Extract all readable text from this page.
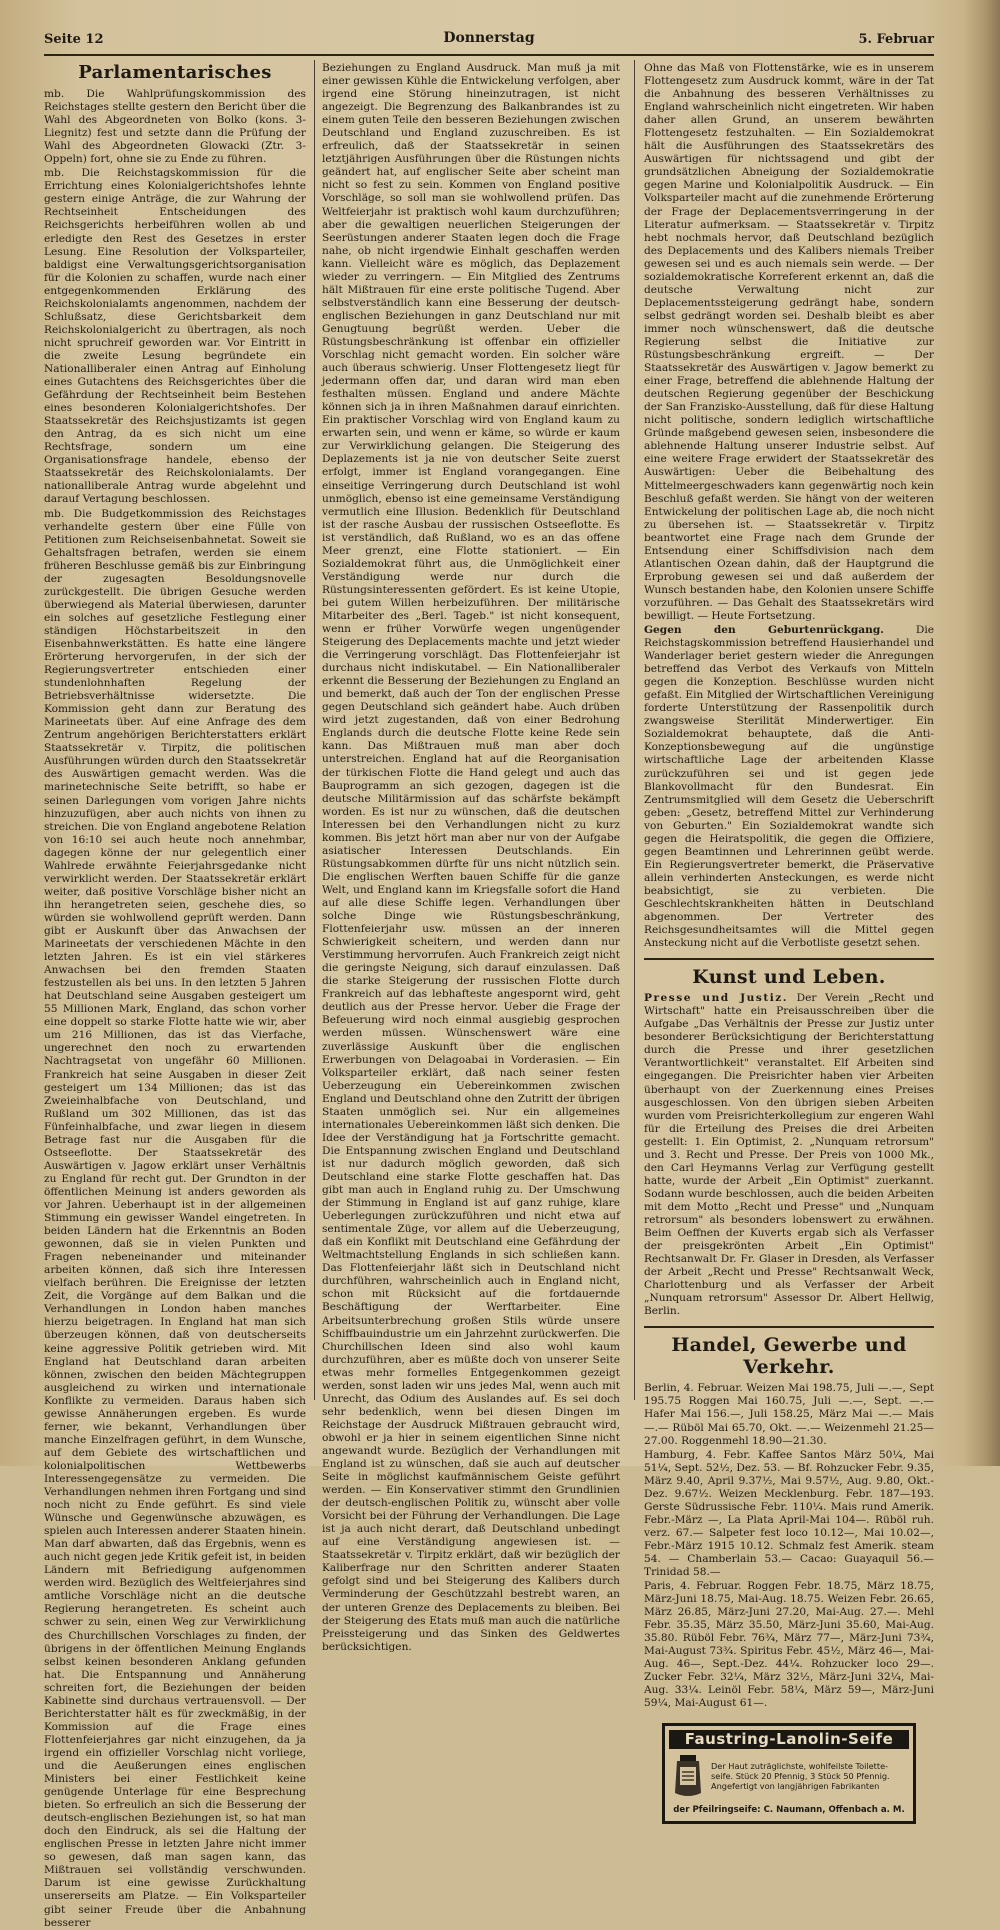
Seite 12	Donnerstag	5. Februar
Parlamentarisches

mb. Die Wahlprüfungskommission des Reichstages stellte gestern den Bericht über die Wahl des Abgeordneten von Bolko (kons. 3-Liegnitz) fest und setzte dann die Prüfung der Wahl des Abgeordneten Glowacki (Ztr. 3-Oppeln) fort, ohne sie zu Ende zu führen.

mb. Die Reichstagskommission für die Errichtung eines Kolonialgerichtshofes lehnte gestern einige Anträge, die zur Wahrung der Rechtseinheit Entscheidungen des Reichsgerichts herbeiführen wollen ab und erledigte den Rest des Gesetzes in erster Lesung. Eine Resolution der Volksparteiler, baldigst eine Verwaltungsgerichtsorganisation für die Kolonien zu schaffen, wurde nach einer entgegenkommenden Erklärung des Reichskolonialamts angenommen, nachdem der Schlußsatz, diese Gerichtsbarkeit dem Reichskolonialgericht zu übertragen, als noch nicht spruchreif geworden war. Vor Eintritt in die zweite Lesung begründete ein Nationalliberaler einen Antrag auf Einholung eines Gutachtens des Reichsgerichtes über die Gefährdung der Rechtseinheit beim Bestehen eines besonderen Kolonialgerichtshofes. Der Staatssekretär des Reichsjustizamts ist gegen den Antrag, da es sich nicht um eine Rechtsfrage, sondern um eine Organisationsfrage handele, ebenso der Staatssekretär des Reichskolonialamts. Der nationalliberale Antrag wurde abgelehnt und darauf Vertagung beschlossen.

mb. Die Budgetkommission des Reichstages verhandelte gestern über eine Fülle von Petitionen zum Reichseisenbahnetat. Soweit sie Gehaltsfragen betrafen, werden sie einem früheren Beschlusse gemäß bis zur Einbringung der zugesagten Besoldungsnovelle zurückgestellt. Die übrigen Gesuche werden überwiegend als Material überwiesen, darunter ein solches auf gesetzliche Festlegung einer ständigen Höchstarbeitszeit in den Eisenbahnwerkstätten. Es hatte eine längere Erörterung hervorgerufen, in der sich der Regierungsvertreter entschieden einer stundenlohnhaften Regelung der Betriebsverhältnisse widersetzte. Die Kommission geht dann zur Beratung des Marineetats über. Auf eine Anfrage des dem Zentrum angehörigen Berichterstatters erklärt Staatssekretär v. Tirpitz, die politischen Ausführungen würden durch den Staatssekretär des Auswärtigen gemacht werden. Was die marinetechnische Seite betrifft, so habe er seinen Darlegungen vom vorigen Jahre nichts hinzuzufügen, aber auch nichts von ihnen zu streichen. Die von England angebotene Relation von 16:10 sei auch heute noch annehmbar, dagegen könne der nur gelegentlich einer Wahlrede erwähnte Feierjahrsgedanke nicht verwirklicht werden. Der Staatssekretär erklärt weiter, daß positive Vorschläge bisher nicht an ihn herangetreten seien, geschehe dies, so würden sie wohlwollend geprüft werden. Dann gibt er Auskunft über das Anwachsen der Marineetats der verschiedenen Mächte in den letzten Jahren. Es ist ein viel stärkeres Anwachsen bei den fremden Staaten festzustellen als bei uns. In den letzten 5 Jahren hat Deutschland seine Ausgaben gesteigert um 55 Millionen Mark, England, das schon vorher eine doppelt so starke Flotte hatte wie wir, aber um 216 Millionen, das ist das Vierfache, ungerechnet den noch zu erwartenden Nachtragsetat von ungefähr 60 Millionen. Frankreich hat seine Ausgaben in dieser Zeit gesteigert um 134 Millionen; das ist das Zweieinhalbfache von Deutschland, und Rußland um 302 Millionen, das ist das Fünfeinhalbfache, und zwar liegen in diesem Betrage fast nur die Ausgaben für die Ostseeflotte. Der Staatssekretär des Auswärtigen v. Jagow erklärt unser Verhältnis zu England für recht gut. Der Grundton in der öffentlichen Meinung ist anders geworden als vor Jahren. Ueberhaupt ist in der allgemeinen Stimmung ein gewisser Wandel eingetreten. In beiden Ländern hat die Erkenntnis an Boden gewonnen, daß sie in vielen Punkten und Fragen nebeneinander und miteinander arbeiten können, daß sich ihre Interessen vielfach berühren. Die Ereignisse der letzten Zeit, die Vorgänge auf dem Balkan und die Verhandlungen in London haben manches hierzu beigetragen. In England hat man sich überzeugen können, daß von deutscherseits keine aggressive Politik getrieben wird. Mit England hat Deutschland daran arbeiten können, zwischen den beiden Mächtegruppen ausgleichend zu wirken und internationale Konflikte zu vermeiden. Daraus haben sich gewisse Annäherungen ergeben. Es wurde ferner, wie bekannt, Verhandlungen über manche Einzelfragen geführt, in dem Wunsche, auf dem Gebiete des wirtschaftlichen und kolonialpolitischen Wettbewerbs Interessengegensätze zu vermeiden. Die Verhandlungen nehmen ihren Fortgang und sind noch nicht zu Ende geführt. Es sind viele Wünsche und Gegenwünsche abzuwägen, es spielen auch Interessen anderer Staaten hinein. Man darf abwarten, daß das Ergebnis, wenn es auch nicht gegen jede Kritik gefeit ist, in beiden Ländern mit Befriedigung aufgenommen werden wird. Bezüglich des Weltfeierjahres sind amtliche Vorschläge nicht an die deutsche Regierung herangetreten. Es scheint auch schwer zu sein, einen Weg zur Verwirklichung des Churchillschen Vorschlages zu finden, der übrigens in der öffentlichen Meinung Englands selbst keinen besonderen Anklang gefunden hat. Die Entspannung und Annäherung schreiten fort, die Beziehungen der beiden Kabinette sind durchaus vertrauensvoll. — Der Berichterstatter hält es für zweckmäßig, in der Kommission auf die Frage eines Flottenfeierjahres gar nicht einzugehen, da ja irgend ein offizieller Vorschlag nicht vorliege, und die Aeußerungen eines englischen Ministers bei einer Festlichkeit keine genügende Unterlage für eine Besprechung bieten. So erfreulich an sich die Besserung der deutsch-englischen Beziehungen ist, so hat man doch den Eindruck, als sei die Haltung der englischen Presse in letzten Jahre nicht immer so gewesen, daß man sagen kann, das Mißtrauen sei vollständig verschwunden. Darum ist eine gewisse Zurückhaltung unsererseits am Platze. — Ein Volksparteiler gibt seiner Freude über die Anbahnung besserer

Beziehungen zu England Ausdruck. Man muß ja mit einer gewissen Kühle die Entwickelung verfolgen, aber irgend eine Störung hineinzutragen, ist nicht angezeigt. Die Begrenzung des Balkanbrandes ist zu einem guten Teile den besseren Beziehungen zwischen Deutschland und England zuzuschreiben. Es ist erfreulich, daß der Staatssekretär in seinen letztjährigen Ausführungen über die Rüstungen nichts geändert hat, auf englischer Seite aber scheint man nicht so fest zu sein. Kommen von England positive Vorschläge, so soll man sie wohlwollend prüfen. Das Weltfeierjahr ist praktisch wohl kaum durchzuführen; aber die gewaltigen neuerlichen Steigerungen der Seerüstungen anderer Staaten legen doch die Frage nahe, ob nicht irgendwie Einhalt geschaffen werden kann. Vielleicht wäre es möglich, das Deplazement wieder zu verringern. — Ein Mitglied des Zentrums hält Mißtrauen für eine erste politische Tugend. Aber selbstverständlich kann eine Besserung der deutsch-englischen Beziehungen in ganz Deutschland nur mit Genugtuung begrüßt werden. Ueber die Rüstungsbeschränkung ist offenbar ein offizieller Vorschlag nicht gemacht worden. Ein solcher wäre auch überaus schwierig. Unser Flottengesetz liegt für jedermann offen dar, und daran wird man eben festhalten müssen. England und andere Mächte können sich ja in ihren Maßnahmen darauf einrichten. Ein praktischer Vorschlag wird von England kaum zu erwarten sein, und wenn er käme, so würde er kaum zur Verwirklichung gelangen. Die Steigerung des Deplazements ist ja nie von deutscher Seite zuerst erfolgt, immer ist England vorangegangen. Eine einseitige Verringerung durch Deutschland ist wohl unmöglich, ebenso ist eine gemeinsame Verständigung vermutlich eine Illusion. Bedenklich für Deutschland ist der rasche Ausbau der russischen Ostseeflotte. Es ist verständlich, daß Rußland, wo es an das offene Meer grenzt, eine Flotte stationiert. — Ein Sozialdemokrat führt aus, die Unmöglichkeit einer Verständigung werde nur durch die Rüstungsinteressenten gefördert. Es ist keine Utopie, bei gutem Willen herbeizuführen. Der militärische Mitarbeiter des „Berl. Tageb." ist nicht konsequent, wenn er früher Vorwürfe wegen ungenügender Steigerung des Deplacements machte und jetzt wieder die Verringerung vorschlägt. Das Flottenfeierjahr ist durchaus nicht indiskutabel. — Ein Nationalliberaler erkennt die Besserung der Beziehungen zu England an und bemerkt, daß auch der Ton der englischen Presse gegen Deutschland sich geändert habe. Auch drüben wird jetzt zugestanden, daß von einer Bedrohung Englands durch die deutsche Flotte keine Rede sein kann. Das Mißtrauen muß man aber doch unterstreichen. England hat auf die Reorganisation der türkischen Flotte die Hand gelegt und auch das Bauprogramm an sich gezogen, dagegen ist die deutsche Militärmission auf das schärfste bekämpft worden. Es ist nur zu wünschen, daß die deutschen Interessen bei den Verhandlungen nicht zu kurz kommen. Bis jetzt hört man aber nur von der Aufgabe asiatischer Interessen Deutschlands. Ein Rüstungsabkommen dürfte für uns nicht nützlich sein. Die englischen Werften bauen Schiffe für die ganze Welt, und England kann im Kriegsfalle sofort die Hand auf alle diese Schiffe legen. Verhandlungen über solche Dinge wie Rüstungsbeschränkung, Flottenfeierjahr usw. müssen an der inneren Schwierigkeit scheitern, und werden dann nur Verstimmung hervorrufen. Auch Frankreich zeigt nicht die geringste Neigung, sich darauf einzulassen. Daß die starke Steigerung der russischen Flotte durch Frankreich auf das lebhafteste angespornt wird, geht deutlich aus der Presse hervor. Ueber die Frage der Befeuerung wird noch einmal ausgiebig gesprochen werden müssen. Wünschenswert wäre eine zuverlässige Auskunft über die englischen Erwerbungen von Delagoabai in Vorderasien. — Ein Volksparteiler erklärt, daß nach seiner festen Ueberzeugung ein Uebereinkommen zwischen England und Deutschland ohne den Zutritt der übrigen Staaten unmöglich sei. Nur ein allgemeines internationales Uebereinkommen läßt sich denken. Die Idee der Verständigung hat ja Fortschritte gemacht. Die Entspannung zwischen England und Deutschland ist nur dadurch möglich geworden, daß sich Deutschland eine starke Flotte geschaffen hat. Das gibt man auch in England ruhig zu. Der Umschwung der Stimmung in England ist auf ganz ruhige, klare Ueberlegungen zurückzuführen und nicht etwa auf sentimentale Züge, vor allem auf die Ueberzeugung, daß ein Konflikt mit Deutschland eine Gefährdung der Weltmachtstellung Englands in sich schließen kann. Das Flottenfeierjahr läßt sich in Deutschland nicht durchführen, wahrscheinlich auch in England nicht, schon mit Rücksicht auf die fortdauernde Beschäftigung der Werftarbeiter. Eine Arbeitsunterbrechung großen Stils würde unsere Schiffbauindustrie um ein Jahrzehnt zurückwerfen. Die Churchillschen Ideen sind also wohl kaum durchzuführen, aber es müßte doch von unserer Seite etwas mehr formelles Entgegenkommen gezeigt werden, sonst laden wir uns jedes Mal, wenn auch mit Unrecht, das Odium des Auslandes auf. Es sei doch sehr bedenklich, wenn bei diesen Dingen im Reichstage der Ausdruck Mißtrauen gebraucht wird, obwohl er ja hier in seinem eigentlichen Sinne nicht angewandt wurde. Bezüglich der Verhandlungen mit England ist zu wünschen, daß sie auch auf deutscher Seite in möglichst kaufmännischem Geiste geführt werden. — Ein Konservativer stimmt den Grundlinien der deutsch-englischen Politik zu, wünscht aber volle Vorsicht bei der Führung der Verhandlungen. Die Lage ist ja auch nicht derart, daß Deutschland unbedingt auf eine Verständigung angewiesen ist. — Staatssekretär v. Tirpitz erklärt, daß wir bezüglich der Kaliberfrage nur den Schritten anderer Staaten gefolgt sind und bei Steigerung des Kalibers durch Verminderung der Geschützzahl bestrebt waren, an der unteren Grenze des Deplacements zu bleiben. Bei der Steigerung des Etats muß man auch die natürliche Preissteigerung und das Sinken des Geldwertes berücksichtigen.

Ohne das Maß von Flottenstärke, wie es in unserem Flottengesetz zum Ausdruck kommt, wäre in der Tat die Anbahnung des besseren Verhältnisses zu England wahrscheinlich nicht eingetreten. Wir haben daher allen Grund, an unserem bewährten Flottengesetz festzuhalten. — Ein Sozialdemokrat hält die Ausführungen des Staatssekretärs des Auswärtigen für nichtssagend und gibt der grundsätzlichen Abneigung der Sozialdemokratie gegen Marine und Kolonialpolitik Ausdruck. — Ein Volksparteiler macht auf die zunehmende Erörterung der Frage der Deplacementsverringerung in der Literatur aufmerksam. — Staatssekretär v. Tirpitz hebt nochmals hervor, daß Deutschland bezüglich des Deplacements und des Kalibers niemals Treiber gewesen sei und es auch niemals sein werde. — Der sozialdemokratische Korreferent erkennt an, daß die deutsche Verwaltung nicht zur Deplacementssteigerung gedrängt habe, sondern selbst gedrängt worden sei. Deshalb bleibt es aber immer noch wünschenswert, daß die deutsche Regierung selbst die Initiative zur Rüstungsbeschränkung ergreift. — Der Staatssekretär des Auswärtigen v. Jagow bemerkt zu einer Frage, betreffend die ablehnende Haltung der deutschen Regierung gegenüber der Beschickung der San Franzisko-Ausstellung, daß für diese Haltung nicht politische, sondern lediglich wirtschaftliche Gründe maßgebend gewesen seien, insbesondere die ablehnende Haltung unserer Industrie selbst. Auf eine weitere Frage erwidert der Staatssekretär des Auswärtigen: Ueber die Beibehaltung des Mittelmeergeschwaders kann gegenwärtig noch kein Beschluß gefaßt werden. Sie hängt von der weiteren Entwickelung der politischen Lage ab, die noch nicht zu übersehen ist. — Staatssekretär v. Tirpitz beantwortet eine Frage nach dem Grunde der Entsendung einer Schiffsdivision nach dem Atlantischen Ozean dahin, daß der Hauptgrund die Erprobung gewesen sei und daß außerdem der Wunsch bestanden habe, den Kolonien unsere Schiffe vorzuführen. — Das Gehalt des Staatssekretärs wird bewilligt. — Heute Fortsetzung.

Gegen den Geburtenrückgang.	Die Reichstagskommission betreffend Hausierhandel und Wanderlager beriet gestern wieder die Anregungen betreffend das Verbot des Verkaufs von Mitteln gegen die Konzeption. Beschlüsse wurden nicht gefaßt. Ein Mitglied der Wirtschaftlichen Vereinigung forderte Unterstützung der Rassenpolitik durch zwangsweise Sterilität Minderwertiger. Ein Sozialdemokrat behauptete, daß die Anti-Konzeptionsbewegung auf die ungünstige wirtschaftliche Lage der arbeitenden Klasse zurückzuführen sei und ist gegen jede Blankovollmacht für den Bundesrat. Ein Zentrumsmitglied will dem Gesetz die Ueberschrift geben: „Gesetz, betreffend Mittel zur Verhinderung von Geburten." Ein Sozialdemokrat wandte sich gegen die Heiratspolitik, die gegen die Offiziere, gegen Beamtinnen und Lehrerinnen geübt werde. Ein Regierungsvertreter bemerkt, die Präservative allein verhinderten Ansteckungen, es werde nicht beabsichtigt, sie zu verbieten. Die Geschlechtskrankheiten hätten in Deutschland abgenommen. Der Vertreter des Reichsgesundheitsamtes will die Mittel gegen Ansteckung nicht auf die Verbotliste gesetzt sehen.

Kunst und Leben.

Presse und Justiz. Der Verein „Recht und Wirtschaft" hatte ein Preisausschreiben über die Aufgabe „Das Verhältnis der Presse zur Justiz unter besonderer Berücksichtigung der Berichterstattung durch die Presse und ihrer gesetzlichen Verantwortlichkeit" veranstaltet. Elf Arbeiten sind eingegangen. Die Preisrichter haben vier Arbeiten überhaupt von der Zuerkennung eines Preises ausgeschlossen. Von den übrigen sieben Arbeiten wurden vom Preisrichterkollegium zur engeren Wahl für die Erteilung des Preises die drei Arbeiten gestellt: 1. Ein Optimist, 2. „Nunquam retrorsum" und 3. Recht und Presse. Der Preis von 1000 Mk., den Carl Heymanns Verlag zur Verfügung gestellt hatte, wurde der Arbeit „Ein Optimist" zuerkannt. Sodann wurde beschlossen, auch die beiden Arbeiten mit dem Motto „Recht und Presse" und „Nunquam retrorsum" als besonders lobenswert zu erwähnen. Beim Oeffnen der Kuverts ergab sich als Verfasser der preisgekrönten Arbeit „Ein Optimist" Rechtsanwalt Dr. Fr. Glaser in Dresden, als Verfasser der Arbeit „Recht und Presse" Rechtsanwalt Weck, Charlottenburg und als Verfasser der Arbeit „Nunquam retrorsum" Assessor Dr. Albert Hellwig, Berlin.

Handel, Gewerbe und Verkehr.

Berlin, 4. Februar. Weizen Mai 198.75, Juli —.—, Sept 195.75 Roggen Mai 160.75, Juli —.—, Sept. —.— Hafer Mai 156.—, Juli 158.25, März Mai —.— Mais —.— Rüböl Mai 65.70, Okt. —.— Weizenmehl 21.25—27.00. Roggenmehl 18.90—21.30.

Hamburg, 4. Febr. Kaffee Santos März 50¹⁄₄, Mai 51¹⁄₄, Sept. 52¹⁄₂, Dez. 53. — Bf. Rohzucker Febr. 9.35, März 9.40, April 9.37¹⁄₂, Mai 9.57¹⁄₂, Aug. 9.80, Okt.-Dez. 9.67¹⁄₂. Weizen Mecklenburg. Febr. 187—193. Gerste Südrussische Febr. 110¹⁄₄. Mais rund Amerik. Febr.-März —, La Plata April-Mai 104—. Rüböl ruh. verz. 67.— Salpeter fest loco 10.12—, Mai 10.02—, Febr.-März 1915 10.12. Schmalz fest Amerik. steam 54. — Chamberlain 53.— Cacao: Guayaquil 56.— Trinidad 58.—

Paris, 4. Februar. Roggen Febr. 18.75, März 18.75, März-Juni 18.75, Mai-Aug. 18.75. Weizen Febr. 26.65, März 26.85, März-Juni 27.20, Mai-Aug. 27.—. Mehl Febr. 35.35, März 35.50, März-Juni 35.60, Mai-Aug. 35.80. Rüböl Febr. 76³⁄₄, März 77—, März-Juni 73³⁄₄, Mai-August 73³⁄₄. Spiritus Febr. 45¹⁄₂, März 46—, Mai-Aug. 46—, Sept.-Dez. 44¹⁄₄. Rohzucker loco 29—. Zucker Febr. 32¹⁄₄, März 32¹⁄₂, März-Juni 32¹⁄₄, Mai-Aug. 33¹⁄₄. Leinöl Febr. 58¹⁄₄, März 59—, März-Juni 59¹⁄₄, Mai-August 61—.

Faustring-Lanolin-Seife
Der Haut zuträglichste, wohlfeilste Toilette-seife. Stück 20 Pfennig, 3 Stück 50 Pfennig. Angefertigt von langjährigen Fabrikanten
der Pfeilringseife: C. Naumann, Offenbach a. M.
